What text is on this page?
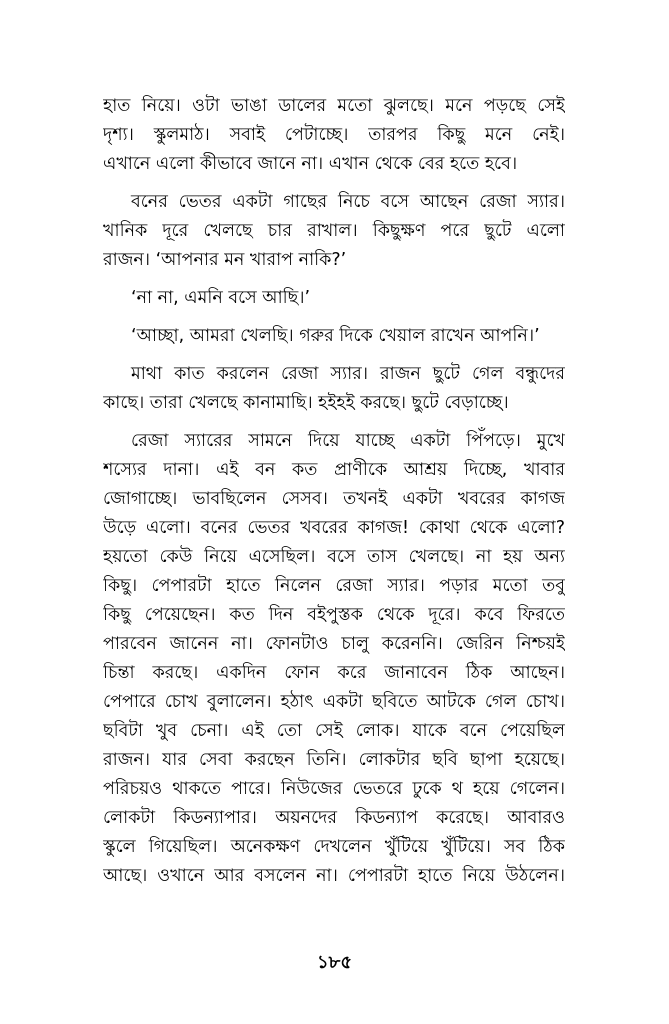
হাত নিয়ে। ওটা ভাঙা ডালের মতো ঝুলছে। মনে পড়ছে সেই
দৃশ্য। স্কুলমাঠ। সবাই পেটাচ্ছে। তারপর কিছু মনে নেই।
এখানে এলো কীভাবে জানে না। এখান থেকে বের হতে হবে।
বনের ভেতর একটা গাছের নিচে বসে আছেন রেজা স্যার।
খানিক দূরে খেলছে চার রাখাল। কিছুক্ষণ পরে ছুটে এলো
রাজন। ‘আপনার মন খারাপ নাকি?’
‘না না, এমনি বসে আছি।’
‘আচ্ছা, আমরা খেলছি। গরুর দিকে খেয়াল রাখেন আপনি।’
মাথা কাত করলেন রেজা স্যার। রাজন ছুটে গেল বন্ধুদের
কাছে। তারা খেলছে কানামাছি। হইহই করছে। ছুটে বেড়াচ্ছে।
রেজা স্যারের সামনে দিয়ে যাচ্ছে একটা পিঁপড়ে। মুখে
শস্যের দানা। এই বন কত প্রাণীকে আশ্রয় দিচ্ছে, খাবার
জোগাচ্ছে। ভাবছিলেন সেসব। তখনই একটা খবরের কাগজ
উড়ে এলো। বনের ভেতর খবরের কাগজ! কোথা থেকে এলো?
হয়তো কেউ নিয়ে এসেছিল। বসে তাস খেলছে। না হয় অন্য
কিছু। পেপারটা হাতে নিলেন রেজা স্যার। পড়ার মতো তবু
কিছু পেয়েছেন। কত দিন বইপুস্তক থেকে দূরে। কবে ফিরতে
পারবেন জানেন না। ফোনটাও চালু করেননি। জেরিন নিশ্চয়ই
চিন্তা করছে। একদিন ফোন করে জানাবেন ঠিক আছেন।
পেপারে চোখ বুলালেন। হঠাৎ একটা ছবিতে আটকে গেল চোখ।
ছবিটা খুব চেনা। এই তো সেই লোক। যাকে বনে পেয়েছিল
রাজন। যার সেবা করছেন তিনি। লোকটার ছবি ছাপা হয়েছে।
পরিচয়ও থাকতে পারে। নিউজের ভেতরে ঢুকে থ হয়ে গেলেন।
লোকটা কিডন্যাপার। অয়নদের কিডন্যাপ করেছে। আবারও
স্কুলে গিয়েছিল। অনেকক্ষণ দেখলেন খুঁটিয়ে খুঁটিয়ে। সব ঠিক
আছে। ওখানে আর বসলেন না। পেপারটা হাতে নিয়ে উঠলেন।
১৮৫
